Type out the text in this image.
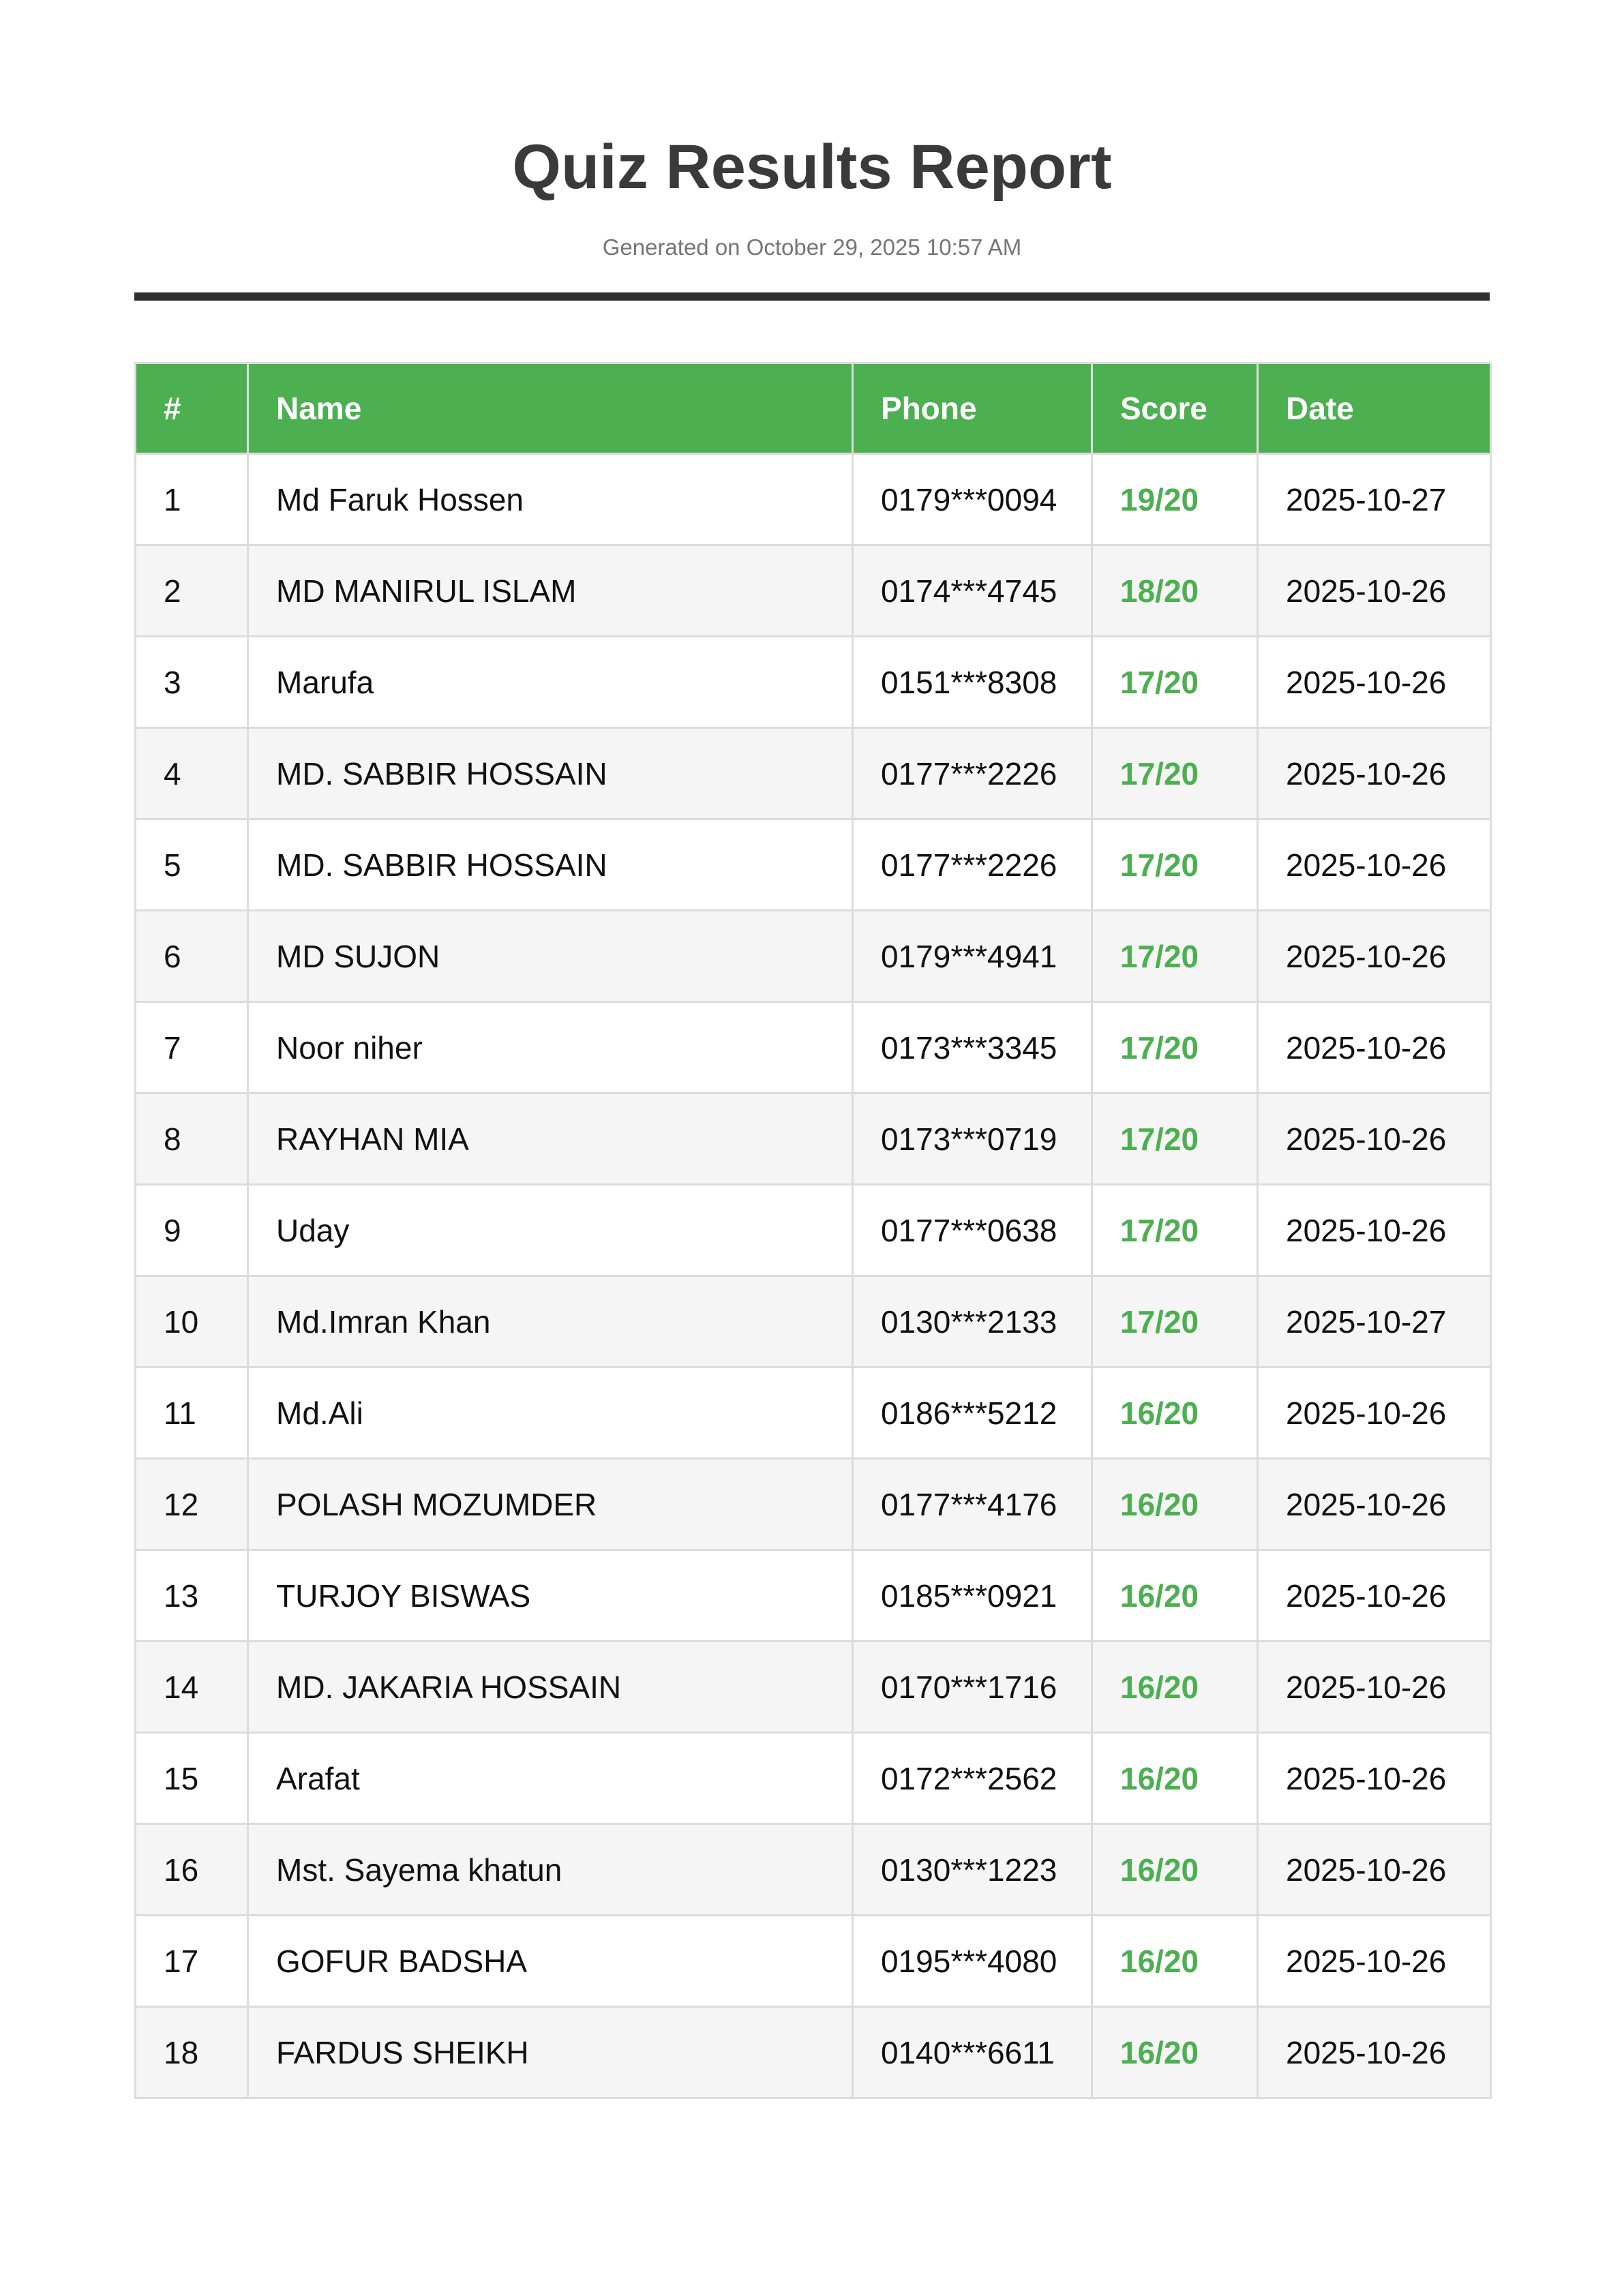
Quiz Results Report

Generated on October 29, 2025 10:57 AM

#	Name	Phone	Score	Date
1	Md Faruk Hossen	0179***0094	19/20	2025-10-27
2	MD MANIRUL ISLAM	0174***4745	18/20	2025-10-26
3	Marufa	0151***8308	17/20	2025-10-26
4	MD. SABBIR HOSSAIN	0177***2226	17/20	2025-10-26
5	MD. SABBIR HOSSAIN	0177***2226	17/20	2025-10-26
6	MD SUJON	0179***4941	17/20	2025-10-26
7	Noor niher	0173***3345	17/20	2025-10-26
8	RAYHAN MIA	0173***0719	17/20	2025-10-26
9	Uday	0177***0638	17/20	2025-10-26
10	Md.Imran Khan	0130***2133	17/20	2025-10-27
11	Md.Ali	0186***5212	16/20	2025-10-26
12	POLASH MOZUMDER	0177***4176	16/20	2025-10-26
13	TURJOY BISWAS	0185***0921	16/20	2025-10-26
14	MD. JAKARIA HOSSAIN	0170***1716	16/20	2025-10-26
15	Arafat	0172***2562	16/20	2025-10-26
16	Mst. Sayema khatun	0130***1223	16/20	2025-10-26
17	GOFUR BADSHA	0195***4080	16/20	2025-10-26
18	FARDUS SHEIKH	0140***6611	16/20	2025-10-26
